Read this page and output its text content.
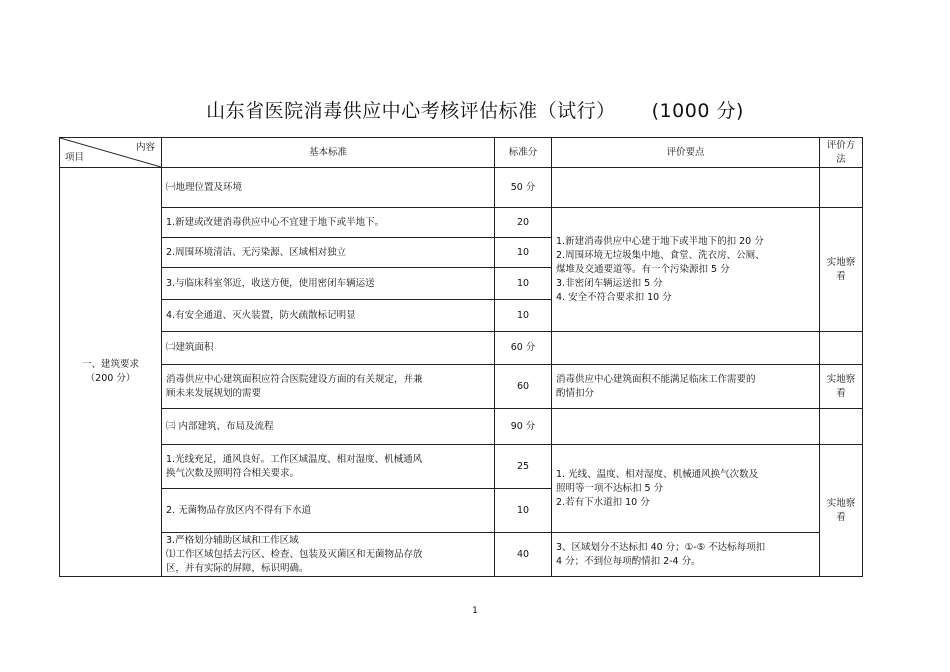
山东省医院消毒供应中心考核评估标准（试行） (1000 分)
内容
项目	基本标准	标准分	评价要点	评价方法

一、建筑要求
（200 分）	㈠地理位置及环境	50 分		
	1.新建或改建消毒供应中心不宜建于地下或半地下。	20	1.新建消毒供应中心建于地下或半地下的扣 20 分
2.周围环境无垃圾集中地、食堂、洗衣房、公厕、
煤堆及交通要道等。有一个污染源扣 5 分
3.非密闭车辆运送扣 5 分
4. 安全不符合要求扣 10 分	实地察看
	2.周围环境清洁、无污染源、区域相对独立	10		
	3.与临床科室邻近，收送方便，使用密闭车辆运送	10		
	4.有安全通道、灭火装置，防火疏散标记明显	10		
	㈡建筑面积	60 分		

	消毒供应中心建筑面积应符合医院建设方面的有关规定，并兼
顾未来发展规划的需要	60	消毒供应中心建筑面积不能满足临床工作需要的
酌情扣分	实地察看
	㈢ 内部建筑、布局及流程	90 分		

	1.光线充足，通风良好。工作区域温度、相对湿度、机械通风
换气次数及照明符合相关要求。	25	1. 光线、温度、相对湿度、机械通风换气次数及
照明等一项不达标扣 5 分
2.若有下水道扣 10 分	实地察看
	2. 无菌物品存放区内不得有下水道	10		

	3.严格划分辅助区域和工作区域
⑴工作区域包括去污区、检查、包装及灭菌区和无菌物品存放
区，并有实际的屏障，标识明确。	40	3、区域划分不达标扣 40 分；①-⑤ 不达标每项扣
4 分；不到位每项酌情扣 2-4 分。	
1
